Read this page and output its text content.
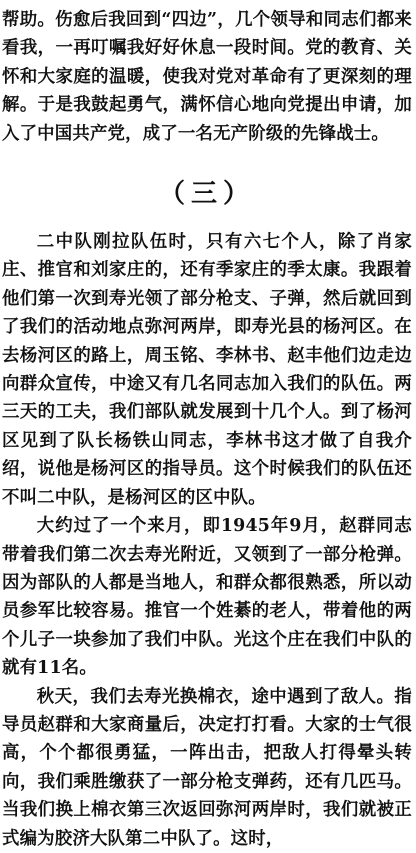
帮助。伤愈后我回到“四边”，几个领导和同志们都来看我，一再叮嘱我好好休息一段时间。党的教育、关怀和大家庭的温暖，使我对党对革命有了更深刻的理解。于是我鼓起勇气，满怀信心地向党提出申请，加入了中国共产党，成了一名无产阶级的先锋战士。

（三）

二中队刚拉队伍时，只有六七个人，除了肖家庄、推官和刘家庄的，还有季家庄的季太康。我跟着他们第一次到寿光领了部分枪支、子弹，然后就回到了我们的活动地点弥河两岸，即寿光县的杨河区。在去杨河区的路上，周玉铭、李林书、赵丰他们边走边向群众宣传，中途又有几名同志加入我们的队伍。两三天的工夫，我们部队就发展到十几个人。到了杨河区见到了队长杨铁山同志，李林书这才做了自我介绍，说他是杨河区的指导员。这个时候我们的队伍还不叫二中队，是杨河区的区中队。

大约过了一个来月，即1945年9月，赵群同志带着我们第二次去寿光附近，又领到了一部分枪弹。因为部队的人都是当地人，和群众都很熟悉，所以动员参军比较容易。推官一个姓綦的老人，带着他的两个儿子一块参加了我们中队。光这个庄在我们中队的就有11名。

秋天，我们去寿光换棉衣，途中遇到了敌人。指导员赵群和大家商量后，决定打打看。大家的士气很高，个个都很勇猛，一阵出击，把敌人打得晕头转向，我们乘胜缴获了一部分枪支弹药，还有几匹马。当我们换上棉衣第三次返回弥河两岸时，我们就被正式编为胶济大队第二中队了。这时，
